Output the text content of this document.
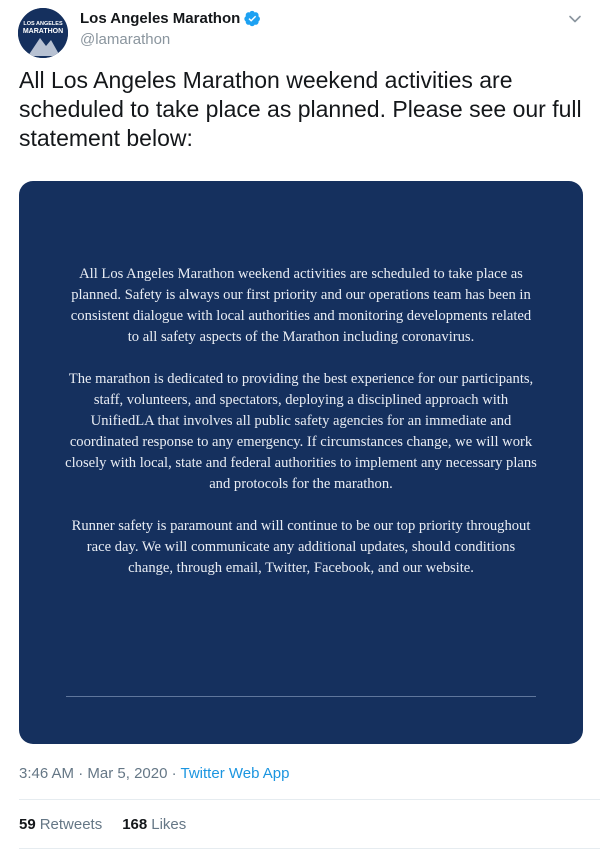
LOS ANGELES
MARATHON
Los Angeles Marathon
@lamarathon
All Los Angeles Marathon weekend activities are scheduled to take place as planned. Please see our full statement below:

All Los Angeles Marathon weekend activities are scheduled to take place as planned. Safety is always our first priority and our operations team has been in consistent dialogue with local authorities and monitoring developments related to all safety aspects of the Marathon including coronavirus.

The marathon is dedicated to providing the best experience for our participants, staff, volunteers, and spectators, deploying a disciplined approach with UnifiedLA that involves all public safety agencies for an immediate and coordinated response to any emergency. If circumstances change, we will work closely with local, state and federal authorities to implement any necessary plans and protocols for the marathon.

Runner safety is paramount and will continue to be our top priority throughout race day. We will communicate any additional updates, should conditions change, through email, Twitter, Facebook, and our website.

3:46 AM · Mar 5, 2020 · Twitter Web App
59 Retweets 168 Likes
